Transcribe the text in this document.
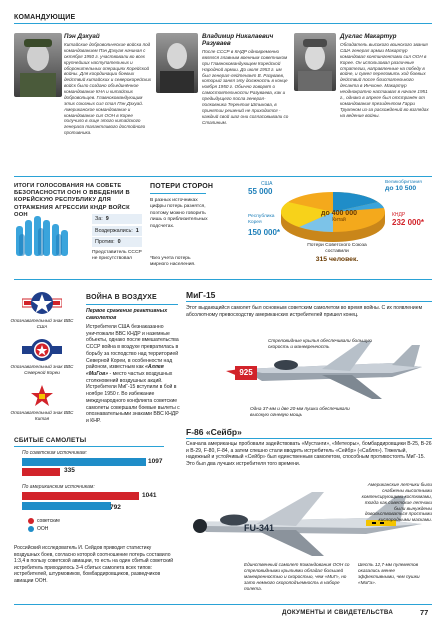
КОМАНДУЮЩИЕ
Пэн Дэхуай
Китайские добровольческие войска под командованием Пэн Дэхуая начиная с октября 1950 г. участвовали во всех крупнейших наступательных и оборонительных операциях Корейской войны. Для координации боевых действий китайских и северокорейских войск было создано объединённое командование КНА и китайских добровольцев. Главнокомандующим этих союзных сил стал Пэн Дэхуай. Американское командование и командование сил ООН в Корее получило в лице этого китайского генерала талантливого достойного противника.
Владимир Никалаевич Разуваев
После СССР в КНДР одновременно являлся главным военным советником при Главнокомандующем Корейской Народной армии. До июля 1953 г. им был генерал-лейтенант В. Разуваев, который занял эту должность в конце ноября 1950 г. Обычно говорят о самостоятельности Разуваева, как и предыдущего посла генерал-полковника Терентия Штыкова, в принятии решений не приходится - каждый свой шаг они согласовывали со Сталиным.
Дуглас Макартур
Обладатель высокого воинского звания США генерал армии Макартур командовал контингентами сил ООН в Корее. Он использовал различные стратегии, направленные на победу в войне, и сумел переломить ход боевых действий после блистательного десанта в Инчхоне. Макартур неоднократно настаивал в начале 1951 г., однако в апреле был отстранён от командования президентом Гарри Трумэном из-за расхождений во взглядах на ведение войны.
ИТОГИ ГОЛОСОВАНИЯ НА СОВЕТЕ БЕЗОПАСНОСТИ ООН О ВВЕДЕНИИ В КОРЕЙСКУЮ РЕСПУБЛИКУ ДЛЯ ОТРАЖЕНИЯ АГРЕССИИ КНДР ВОЙСК ООН
За: 9
Воздержались: 1
Против: 0
Представитель СССР не присутствовал
ПОТЕРИ СТОРОН
В разных источниках цифры потерь разнятся, поэтому можно говорить лишь о приблизительных подсчетах.
*Без учета потерь мирного населения.
США
55 000
Великобритания
до 10 500
КНДР
232 000*
до 400 000
Китай
Республика Корея
150 000*
Потери Советского Союза составили
315 человек.
Опознавательный знак ВВС США
Опознавательный знак ВВС Северной Кореи
Опознавательный знак ВВС Китая
ВОЙНА В ВОЗДУХЕ
Первое сражение реактивных самолетов
Истребители США безнаказанно уничтожали ВВС КНДР и наземные объекты, однако после вмешательства СССР война в воздухе превратилась в борьбу за господство над территорией Северной Кореи, в особенности над районом, известным как «Аллея «МиГов» - место частых воздушных столкновений воздушных акций. Истребители МиГ-15 вступили в бой в ноябре 1950 г. Во избежание международного конфликта советские самолеты совершали боевые вылеты с опознавательными знаками ВВС КНДР и КНР.
СБИТЫЕ САМОЛЕТЫ
По советским источникам:
1097
335
По американским источникам:
1041
792
советские
ООН
Российский исследователь И. Сейдов приводит статистику воздушных боев, согласно которой соотношение потерь составило 1:3,4 в пользу советской авиации, то есть на один сбитый советский истребитель приходилось 3-4 сбитых самолета всех типов: истребителей, штурмовиков, бомбардировщиков, разведчиков авиации ООН.
МиГ-15
Этот выдающийся самолет был основным советским самолетом во время войны. С их появлением абсолютному превосходству американских истребителей пришел конец.
925
Стреловидные крылья обеспечивали большую скорость и маневренность
Одна 37-мм и две 20-мм пушки обеспечивали высокую огневую мощь
F-86 «Сейбр»
Сначала американцы пробовали задействовать «Мустанги», «Метеоры», бомбардировщики B-25, B-26 и B-29, F-80, F-84, а затем спешно стали вводить истребитель «Сейбр» («Сабля»). Тяжелый, надежный и устойчивый «Сейбр» был единственным самолетом, способным противостоять МиГ-15. Это был два лучших истребителя того времени.
FU-341
Американские летчики были снабжены высотными компенсирующими костюмами, тогда как советские летчики были вынуждены довольствоваться простыми кислородными масками.
Единственный самолет Командования ООН со стреловидными крыльями обладал большей маневренностью и скоростью, чем «МиГ», но зато немного скороподъемность в наборе полета.
Шесть 12,7-мм пулеметов оказались менее эффективными, чем пушки «МиГа».
ДОКУМЕНТЫ И СВИДЕТЕЛЬСТВА	77
